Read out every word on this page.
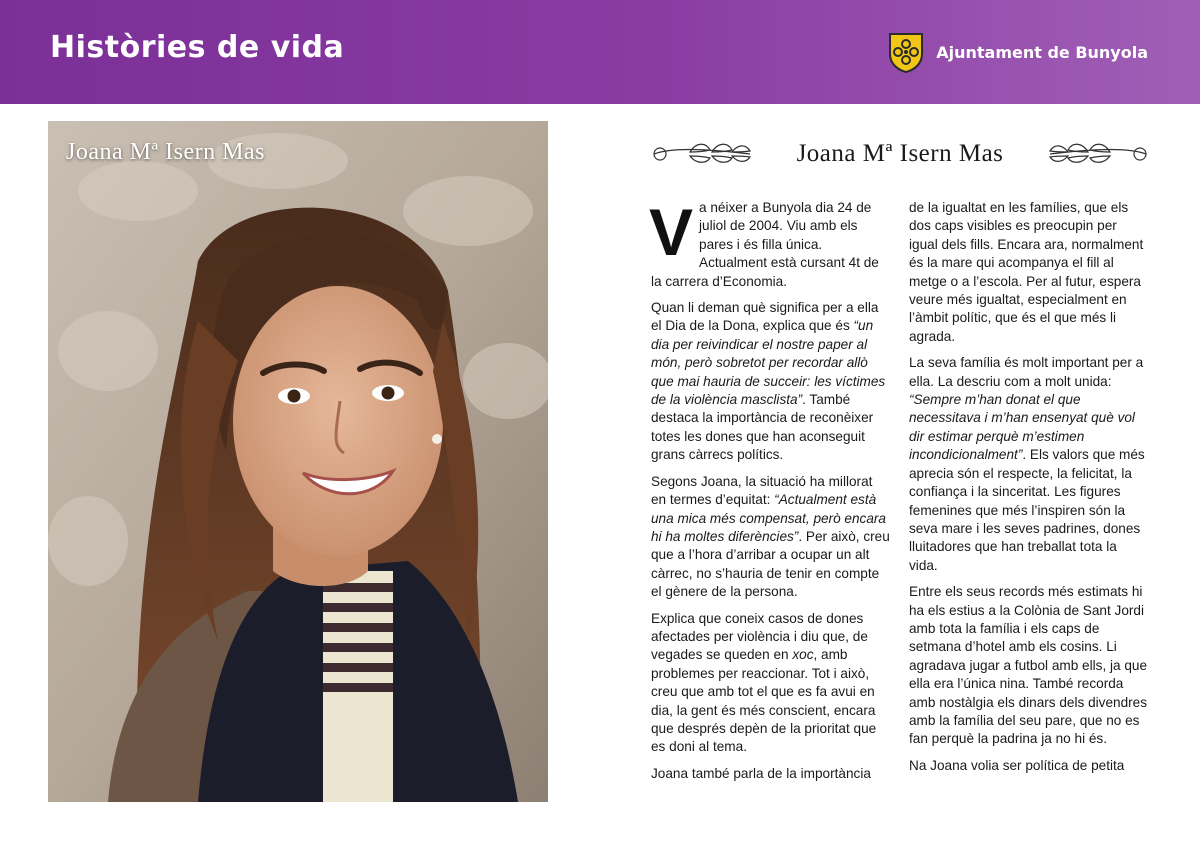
Històries de vida	Ajuntament de Bunyola
Joana Mª Isern Mas	Joana Mª Isern Mas

Va néixer a Bunyola dia 24 de juliol de 2004. Viu amb els pares i és filla única. Actualment està cursant 4t de la carrera d’Economia.

Quan li deman què significa per a ella el Dia de la Dona, explica que és “un dia per reivindicar el nostre paper al món, però sobretot per recordar allò que mai hauria de succeir: les víctimes de la violència masclista”. També destaca la importància de reconèixer totes les dones que han aconseguit grans càrrecs polítics.

Segons Joana, la situació ha millorat en termes d’equitat: “Actualment està una mica més compensat, però encara hi ha moltes diferències”. Per això, creu que a l’hora d’arribar a ocupar un alt càrrec, no s’hauria de tenir en compte el gènere de la persona.

Explica que coneix casos de dones afectades per violència i diu que, de vegades se queden en xoc, amb problemes per reaccionar. Tot i això, creu que amb tot el que es fa avui en dia, la gent és més conscient, encara que després depèn de la prioritat que es doni al tema.

Joana també parla de la importància

de la igualtat en les famílies, que els dos caps visibles es preocupin per igual dels fills. Encara ara, normalment és la mare qui acompanya el fill al metge o a l’escola. Per al futur, espera veure més igualtat, especialment en l’àmbit polític, que és el que més li agrada.

La seva família és molt important per a ella. La descriu com a molt unida: “Sempre m’han donat el que necessitava i m’han ensenyat què vol dir estimar perquè m’estimen incondicionalment”. Els valors que més aprecia són el respecte, la felicitat, la confiança i la sinceritat. Les figures femenines que més l’inspiren són la seva mare i les seves padrines, dones lluitadores que han treballat tota la vida.

Entre els seus records més estimats hi ha els estius a la Colònia de Sant Jordi amb tota la família i els caps de setmana d’hotel amb els cosins. Li agradava jugar a futbol amb ells, ja que ella era l’única nina. També recorda amb nostàlgia els dinars dels divendres amb la família del seu pare, que no es fan perquè la padrina ja no hi és.

Na Joana volia ser política de petita
